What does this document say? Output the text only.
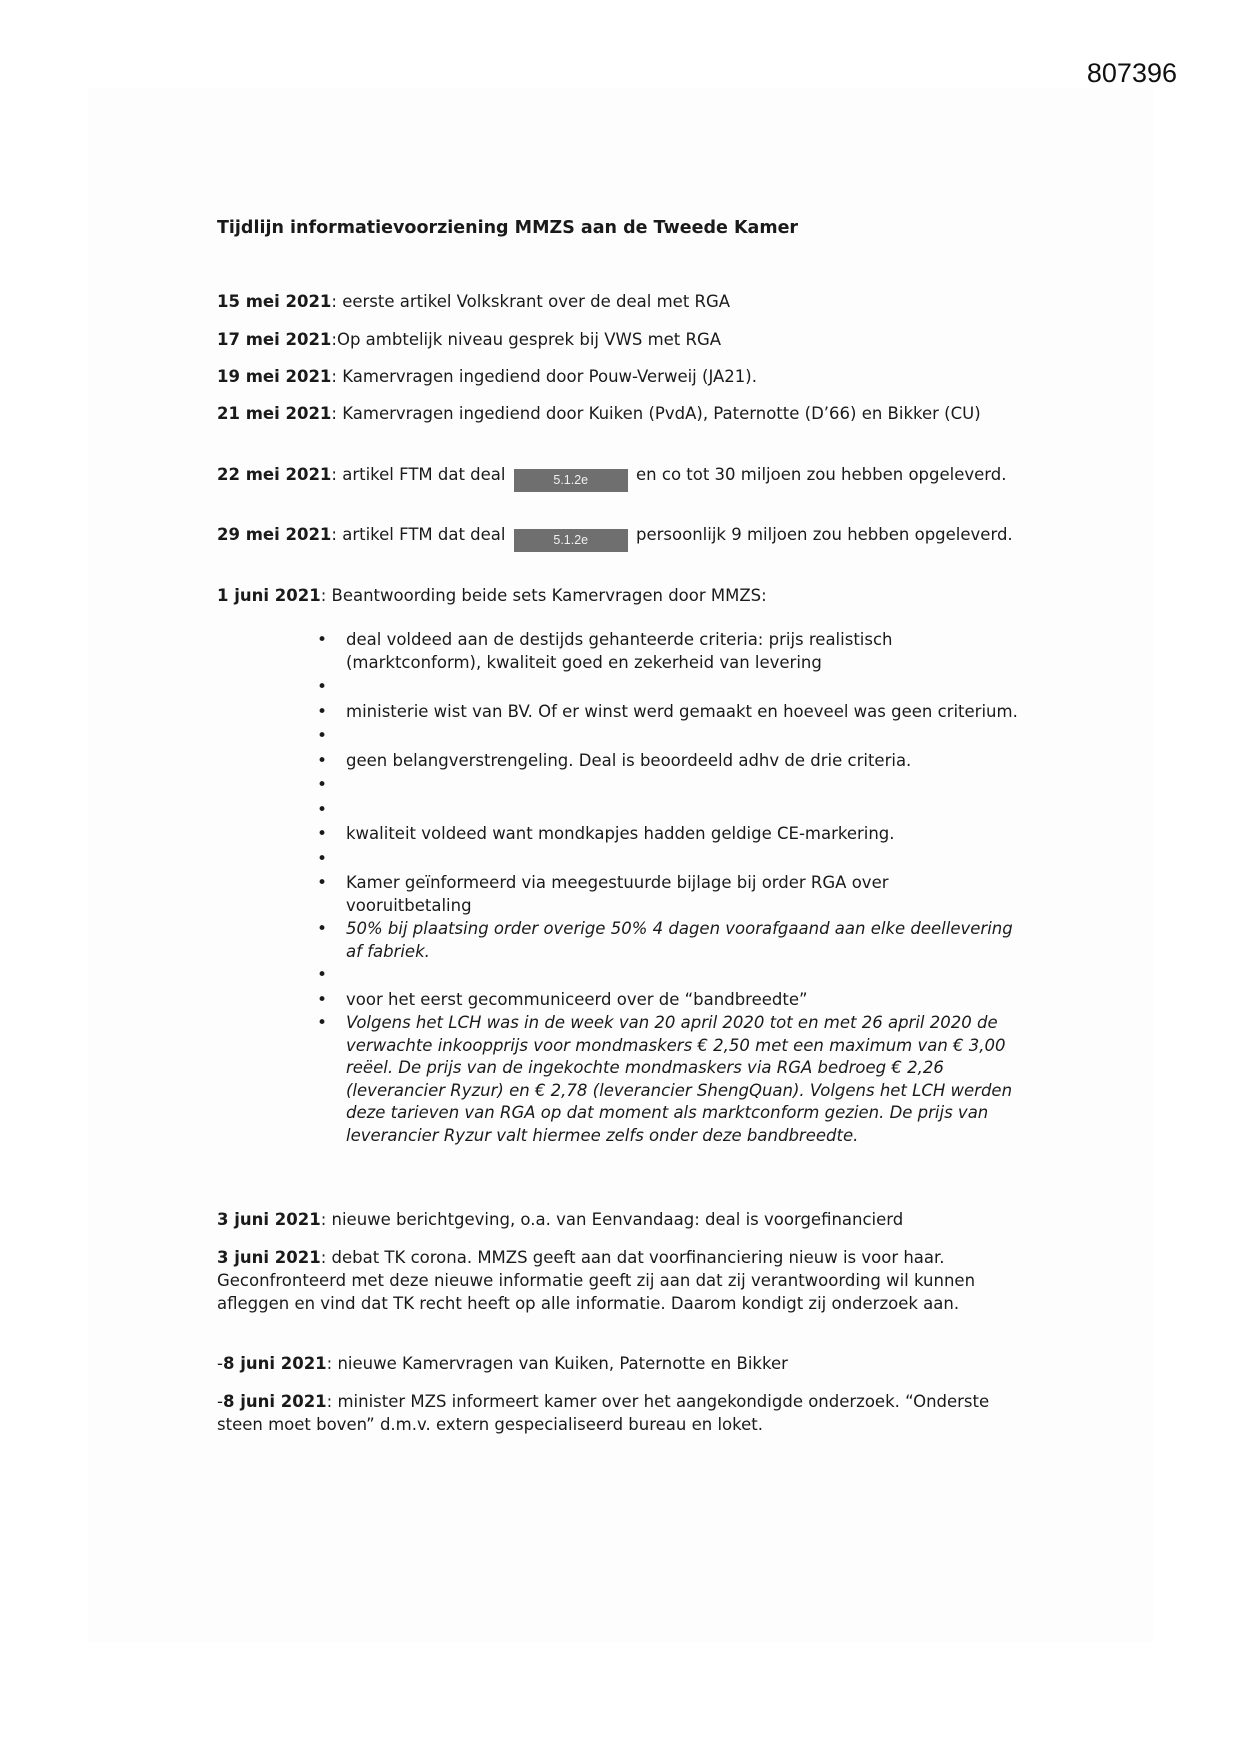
807396
Tijdlijn informatievoorziening MMZS aan de Tweede Kamer
15 mei 2021: eerste artikel Volkskrant over de deal met RGA
17 mei 2021:Op ambtelijk niveau gesprek bij VWS met RGA
19 mei 2021: Kamervragen ingediend door Pouw-Verweij (JA21).
21 mei 2021: Kamervragen ingediend door Kuiken (PvdA), Paternotte (D’66) en Bikker (CU)
22 mei 2021: artikel FTM dat deal	5.1.2e	en co tot 30 miljoen zou hebben opgeleverd.
29 mei 2021: artikel FTM dat deal	5.1.2e	persoonlijk 9 miljoen zou hebben opgeleverd.
1 juni 2021: Beantwoording beide sets Kamervragen door MMZS:
• deal voldeed aan de destijds gehanteerde criteria: prijs realistisch (marktconform), kwaliteit goed en zekerheid van levering
•
• ministerie wist van BV. Of er winst werd gemaakt en hoeveel was geen criterium.
•
• geen belangverstrengeling. Deal is beoordeeld adhv de drie criteria.
•
•
• kwaliteit voldeed want mondkapjes hadden geldige CE-markering.
•
• Kamer geïnformeerd via meegestuurde bijlage bij order RGA over vooruitbetaling
• 50% bij plaatsing order overige 50% 4 dagen voorafgaand aan elke deellevering af fabriek.
•
• voor het eerst gecommuniceerd over de “bandbreedte”
• Volgens het LCH was in de week van 20 april 2020 tot en met 26 april 2020 de verwachte inkoopprijs voor mondmaskers € 2,50 met een maximum van € 3,00 reëel. De prijs van de ingekochte mondmaskers via RGA bedroeg € 2,26 (leverancier Ryzur) en € 2,78 (leverancier ShengQuan). Volgens het LCH werden deze tarieven van RGA op dat moment als marktconform gezien. De prijs van leverancier Ryzur valt hiermee zelfs onder deze bandbreedte.
3 juni 2021: nieuwe berichtgeving, o.a. van Eenvandaag: deal is voorgefinancierd
3 juni 2021: debat TK corona. MMZS geeft aan dat voorfinanciering nieuw is voor haar. Geconfronteerd met deze nieuwe informatie geeft zij aan dat zij verantwoording wil kunnen afleggen en vind dat TK recht heeft op alle informatie. Daarom kondigt zij onderzoek aan.
-8 juni 2021: nieuwe Kamervragen van Kuiken, Paternotte en Bikker
-8 juni 2021: minister MZS informeert kamer over het aangekondigde onderzoek. “Onderste steen moet boven” d.m.v. extern gespecialiseerd bureau en loket.
